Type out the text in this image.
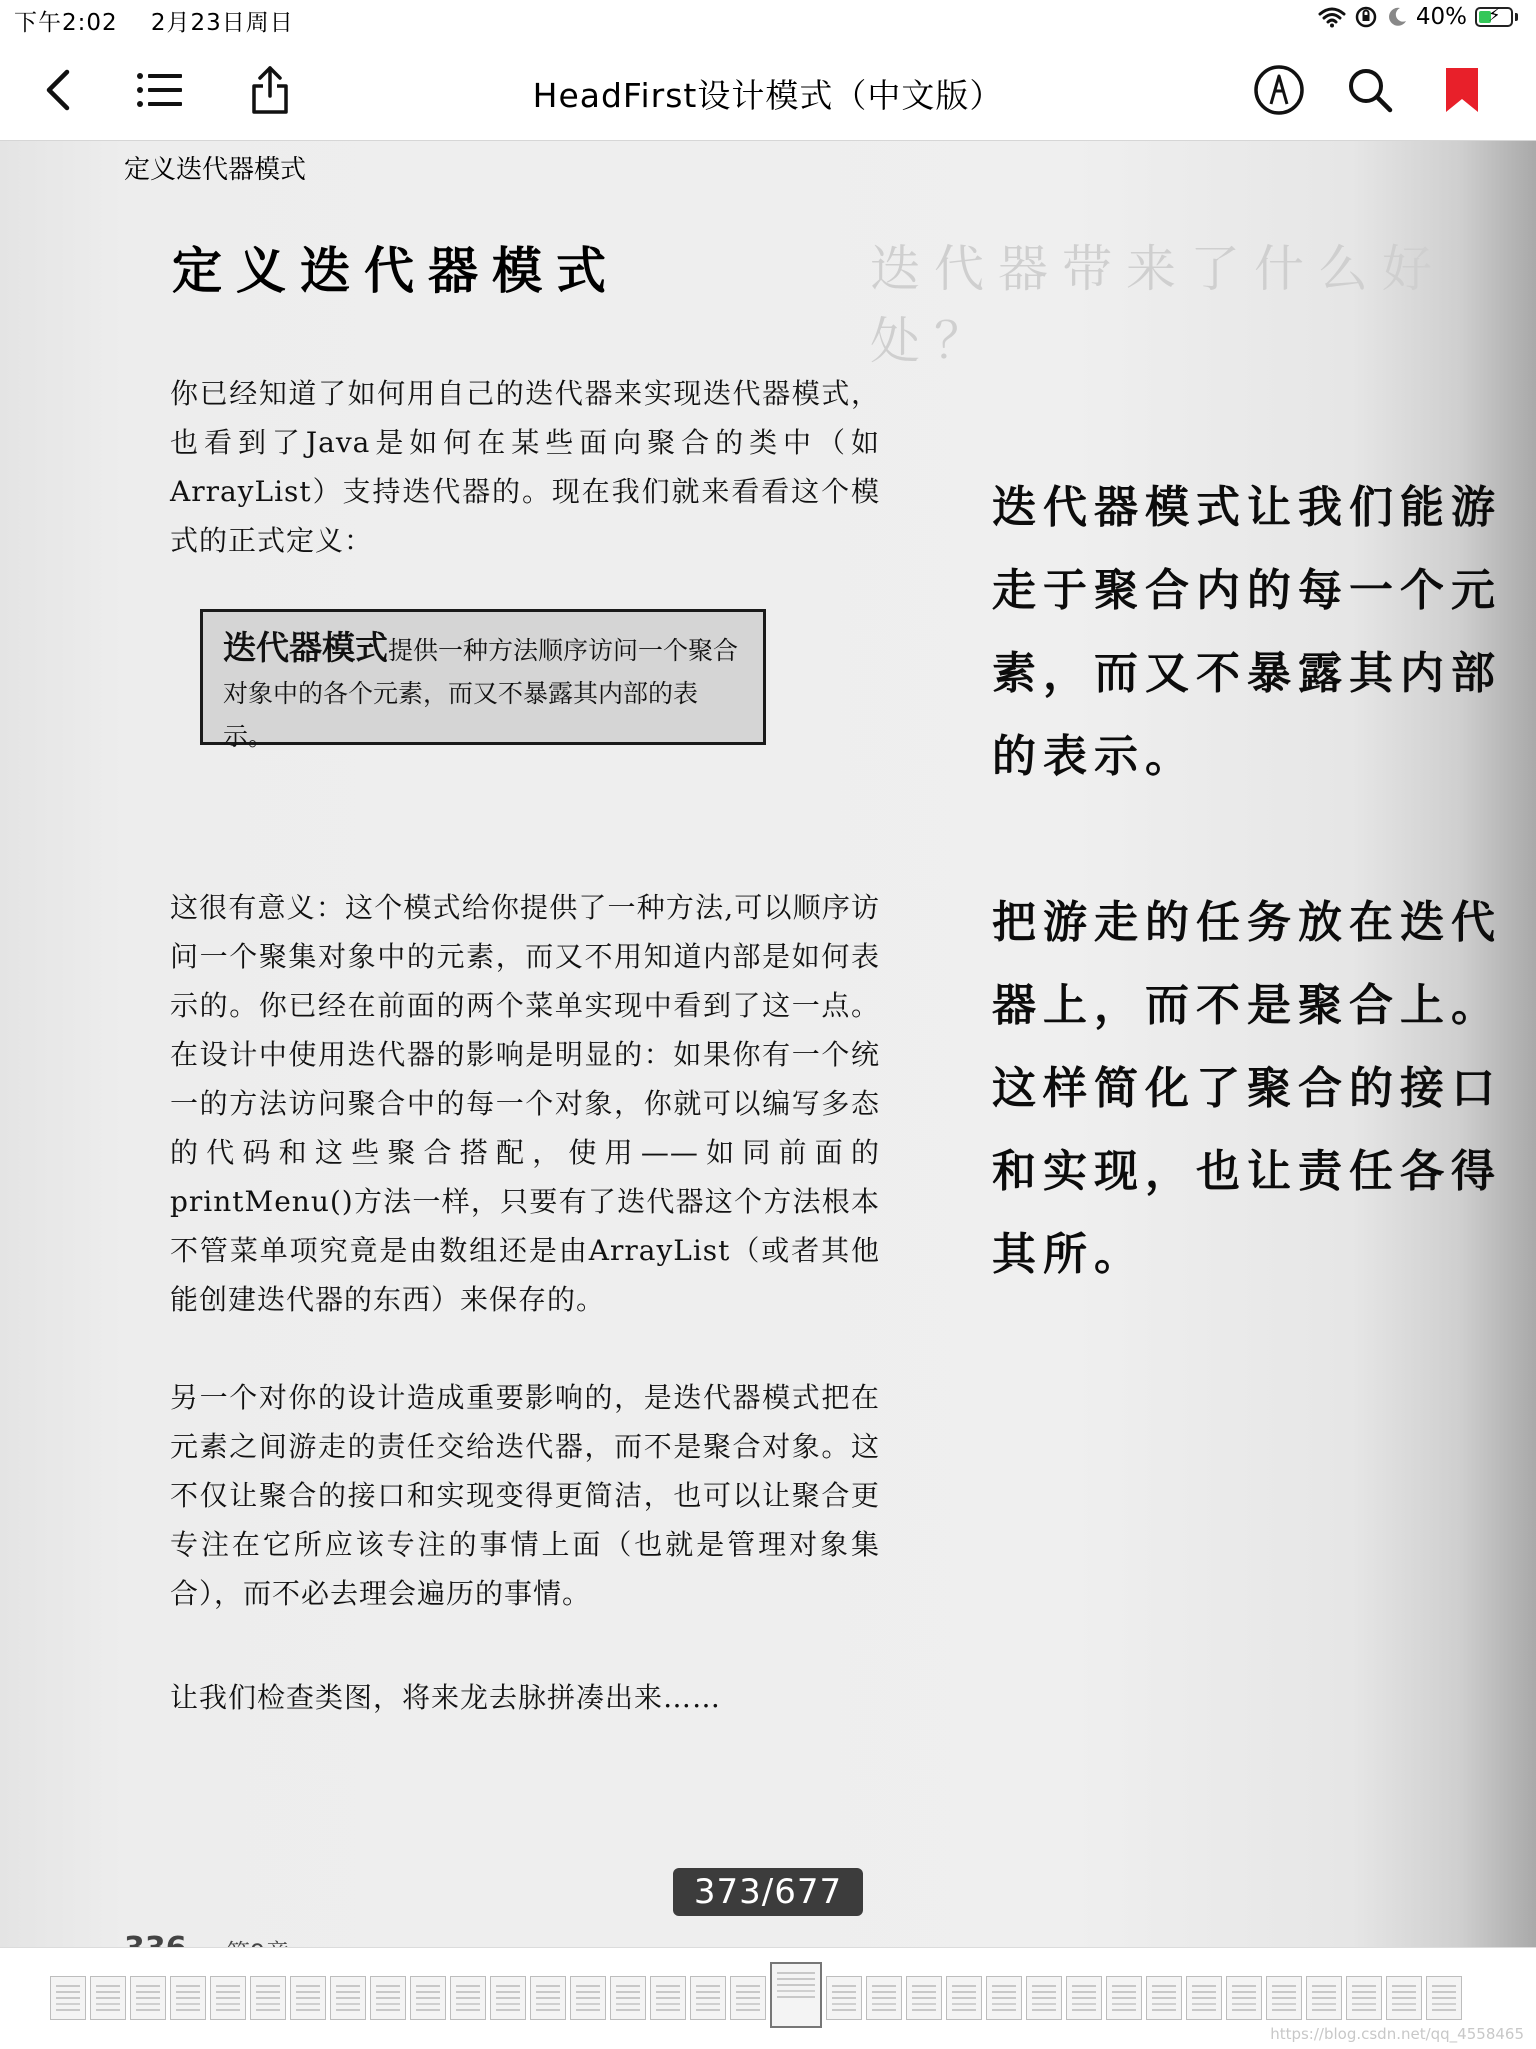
下午2:02 2月23日周日	40% ⚡
HeadFirst设计模式（中文版）
定义迭代器模式
迭代器带来了什么好处？
定义迭代器模式
你已经知道了如何用自己的迭代器来实现迭代器模式，也看到了Java是如何在某些面向聚合的类中（如ArrayList）支持迭代器的。现在我们就来看看这个模式的正式定义：
迭代器模式提供一种方法顺序访问一个聚合对象中的各个元素，而又不暴露其内部的表示。
这很有意义：这个模式给你提供了一种方法,可以顺序访问一个聚集对象中的元素，而又不用知道内部是如何表示的。你已经在前面的两个菜单实现中看到了这一点。在设计中使用迭代器的影响是明显的：如果你有一个统一的方法访问聚合中的每一个对象，你就可以编写多态的代码和这些聚合搭配，使用——如同前面的printMenu()方法一样，只要有了迭代器这个方法根本不管菜单项究竟是由数组还是由ArrayList（或者其他能创建迭代器的东西）来保存的。
另一个对你的设计造成重要影响的，是迭代器模式把在元素之间游走的责任交给迭代器，而不是聚合对象。这不仅让聚合的接口和实现变得更简洁，也可以让聚合更专注在它所应该专注的事情上面（也就是管理对象集合），而不必去理会遍历的事情。
让我们检查类图，将来龙去脉拼凑出来……
迭代器模式让我们能游走于聚合内的每一个元素，而又不暴露其内部的表示。
把游走的任务放在迭代器上，而不是聚合上。这样简化了聚合的接口和实现，也让责任各得其所。
373/677
https://blog.csdn.net/qq_4558465
